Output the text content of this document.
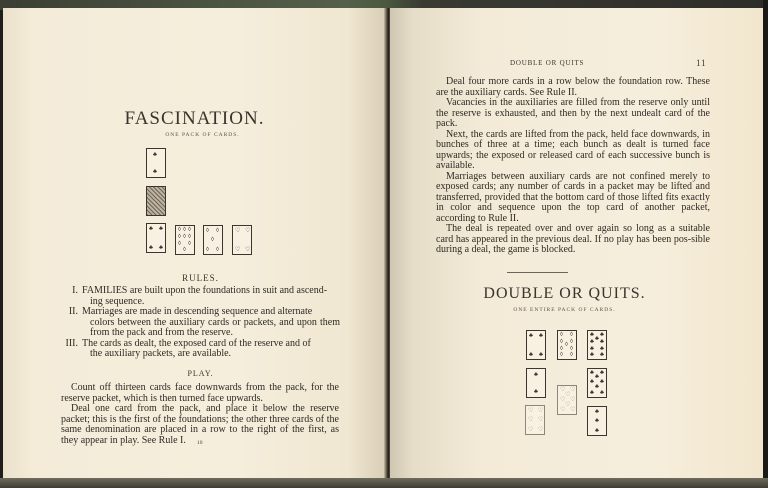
FASCINATION.
ONE PACK OF CARDS.
♣
♣
♣ ♣
♣ ♣
◊ ◊ ◊
◊ ◊ ◊
◊ ◊
◊
◊ ◊
◊
◊ ◊
♡ ♡
♡ ♡
RULES.
I. FAMILIES are built upon the foundations in suit and ascend-
ing sequence.
II. Marriages are made in descending sequence and alternate
colors between the auxiliary cards or packets, and upon them from the pack and from the reserve.
III. The cards as dealt, the exposed card of the reserve and of
the auxiliary packets, are available.
PLAY.

Count off thirteen cards face downwards from the pack, for the reserve packet, which is then turned face upwards.

Deal one card from the pack, and place it below the reserve packet; this is the first of the foundations; the other three cards of the same denomination are placed in a row to the right of the first, as they appear in play. See Rule I.	10
DOUBLE OR QUITS	11

Deal four more cards in a row below the foundation row. These are the auxiliary cards. See Rule II.

Vacancies in the auxiliaries are filled from the reserve only until the reserve is exhausted, and then by the next undealt card of the pack.

Next, the cards are lifted from the pack, held face downwards, in bunches of three at a time; each bunch as dealt is turned face upwards; the exposed or released card of each successive bunch is available.

Marriages between auxiliary cards are not confined merely to exposed cards; any number of cards in a packet may be lifted and transferred, provided that the bottom card of those lifted fits exactly in color and sequence upon the top card of another packet, according to Rule II.

The deal is repeated over and over again so long as a suitable card has appeared in the previous deal. If no play has been pos-sible during a deal, the game is blocked.

DOUBLE OR QUITS.
ONE ENTIRE PACK OF CARDS.
♣ ♣
♣ ♣
◊ ◊
◊ ◊ ◊
◊ ◊
◊ ◊
♣ ♣
♣ ♣ ♣
♣ ♣
♣ ♣
♣
♣
♣ ♣
♣
♣ ♣
♣
♣ ♣
♡ ♡
♡
♡ ♡
♡
♡ ♡
♡ ♡
♡ ♡
♡ ♡
♣
♣
♣
